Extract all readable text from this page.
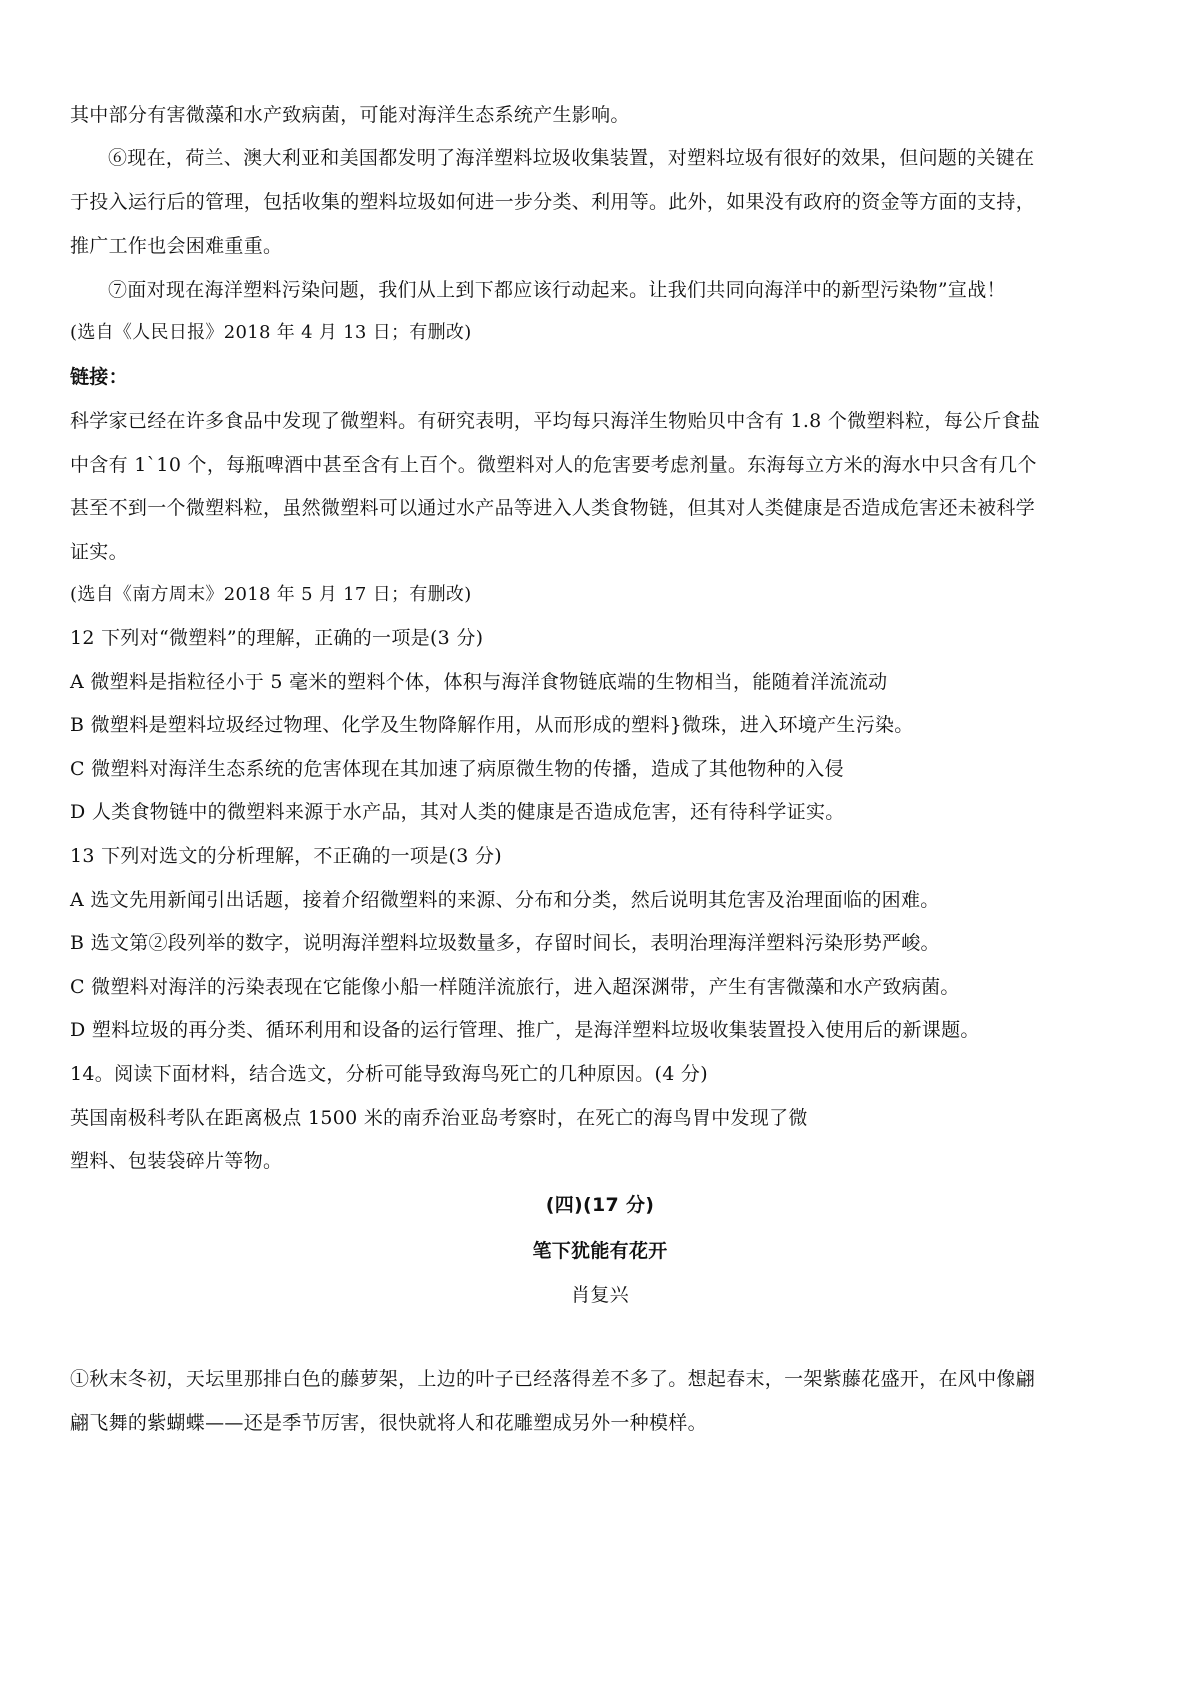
其中部分有害微藻和水产致病菌，可能对海洋生态系统产生影响。
⑥现在，荷兰、澳大利亚和美国都发明了海洋塑料垃圾收集装置，对塑料垃圾有很好的效果，但问题的关键在
于投入运行后的管理，包括收集的塑料垃圾如何进一步分类、利用等。此外，如果没有政府的资金等方面的支持，
推广工作也会困难重重。
⑦面对现在海洋塑料污染问题，我们从上到下都应该行动起来。让我们共同向海洋中的新型污染物”宣战！
(选自《人民日报》2018 年 4 月 13 日；有删改)
链接：
科学家已经在许多食品中发现了微塑料。有研究表明，平均每只海洋生物贻贝中含有 1.8 个微塑料粒，每公斤食盐
中含有 1`10 个，每瓶啤酒中甚至含有上百个。微塑料对人的危害要考虑剂量。东海每立方米的海水中只含有几个
甚至不到一个微塑料粒，虽然微塑料可以通过水产品等进入人类食物链，但其对人类健康是否造成危害还未被科学
证实。
(选自《南方周末》2018 年 5 月 17 日；有删改)
12 下列对“微塑料”的理解，正确的一项是(3 分)
A 微塑料是指粒径小于 5 毫米的塑料个体，体积与海洋食物链底端的生物相当，能随着洋流流动
B 微塑料是塑料垃圾经过物理、化学及生物降解作用，从而形成的塑料}微珠，进入环境产生污染。
C 微塑料对海洋生态系统的危害体现在其加速了病原微生物的传播，造成了其他物种的入侵
D 人类食物链中的微塑料来源于水产品，其对人类的健康是否造成危害，还有待科学证实。
13 下列对选文的分析理解，不正确的一项是(3 分)
A 选文先用新闻引出话题，接着介绍微塑料的来源、分布和分类，然后说明其危害及治理面临的困难。
B 选文第②段列举的数字，说明海洋塑料垃圾数量多，存留时间长，表明治理海洋塑料污染形势严峻。
C 微塑料对海洋的污染表现在它能像小船一样随洋流旅行，进入超深渊带，产生有害微藻和水产致病菌。
D 塑料垃圾的再分类、循环利用和设备的运行管理、推广，是海洋塑料垃圾收集装置投入使用后的新课题。
14。阅读下面材料，结合选文，分析可能导致海鸟死亡的几种原因。(4 分)
英国南极科考队在距离极点 1500 米的南乔治亚岛考察时，在死亡的海鸟胃中发现了微
塑料、包装袋碎片等物。
(四)(17 分)
笔下犹能有花开
肖复兴
①秋末冬初，天坛里那排白色的藤萝架，上边的叶子已经落得差不多了。想起春末，一架紫藤花盛开，在风中像翩
翩飞舞的紫蝴蝶——还是季节厉害，很快就将人和花雕塑成另外一种模样。
